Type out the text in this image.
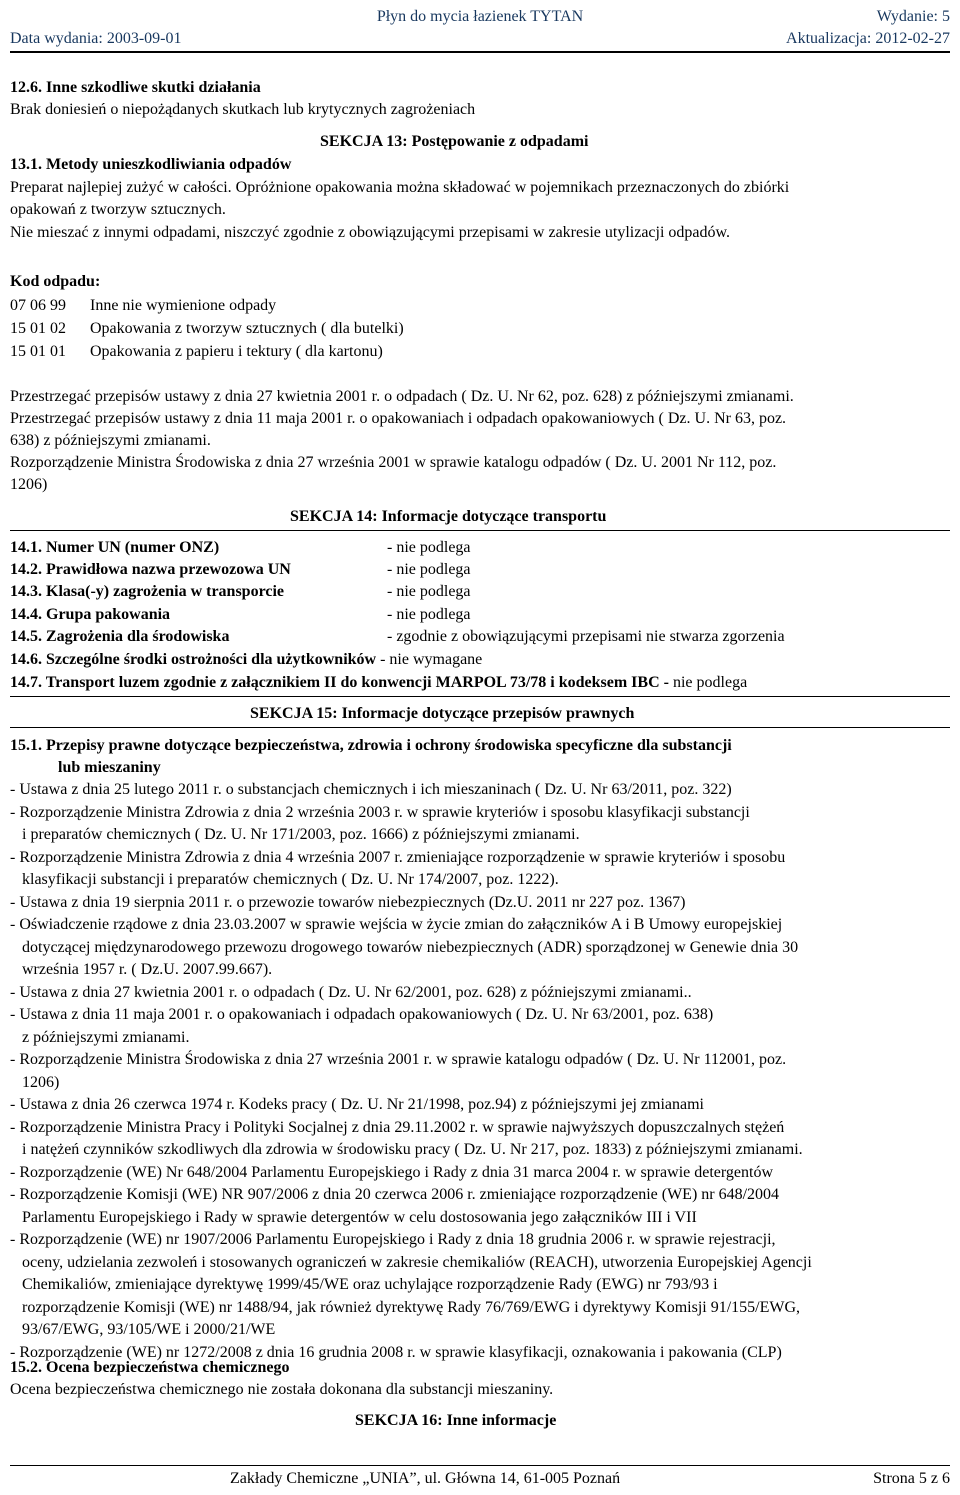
Płyn do mycia łazienek TYTAN	Wydanie: 5
Data wydania: 2003-09-01	Aktualizacja: 2012-02-27
12.6. Inne szkodliwe skutki działania
Brak doniesień o niepożądanych skutkach lub krytycznych zagrożeniach
SEKCJA 13: Postępowanie z odpadami
13.1. Metody unieszkodliwiania odpadów
Preparat najlepiej zużyć w całości. Opróżnione opakowania można składować w pojemnikach przeznaczonych do zbiórki
opakowań z tworzyw sztucznych.
Nie mieszać z innymi odpadami, niszczyć zgodnie z obowiązującymi przepisami w zakresie utylizacji odpadów.
Kod odpadu:
07 06 99 Inne nie wymienione odpady
15 01 02 Opakowania z tworzyw sztucznych ( dla butelki)
15 01 01 Opakowania z papieru i tektury ( dla kartonu)
Przestrzegać przepisów ustawy z dnia 27 kwietnia 2001 r. o odpadach ( Dz. U. Nr 62, poz. 628) z późniejszymi zmianami.
Przestrzegać przepisów ustawy z dnia 11 maja 2001 r. o opakowaniach i odpadach opakowaniowych ( Dz. U. Nr 63, poz.
638) z późniejszymi zmianami.
Rozporządzenie Ministra Środowiska z dnia 27 września 2001 w sprawie katalogu odpadów ( Dz. U. 2001 Nr 112, poz.
1206)
SEKCJA 14: Informacje dotyczące transportu
14.1. Numer UN (numer ONZ)	- nie podlega
14.2. Prawidłowa nazwa przewozowa UN	- nie podlega
14.3. Klasa(-y) zagrożenia w transporcie	- nie podlega
14.4. Grupa pakowania	- nie podlega
14.5. Zagrożenia dla środowiska	- zgodnie z obowiązującymi przepisami nie stwarza zgorzenia
14.6. Szczególne środki ostrożności dla użytkowników - nie wymagane
14.7. Transport luzem zgodnie z załącznikiem II do konwencji MARPOL 73/78 i kodeksem IBC - nie podlega
SEKCJA 15: Informacje dotyczące przepisów prawnych
15.1. Przepisy prawne dotyczące bezpieczeństwa, zdrowia i ochrony środowiska specyficzne dla substancji
lub mieszaniny
- Ustawa z dnia 25 lutego 2011 r. o substancjach chemicznych i ich mieszaninach ( Dz. U. Nr 63/2011, poz. 322)
- Rozporządzenie Ministra Zdrowia z dnia 2 września 2003 r. w sprawie kryteriów i sposobu klasyfikacji substancji
i preparatów chemicznych ( Dz. U. Nr 171/2003, poz. 1666) z późniejszymi zmianami.
- Rozporządzenie Ministra Zdrowia z dnia 4 września 2007 r. zmieniające rozporządzenie w sprawie kryteriów i sposobu
klasyfikacji substancji i preparatów chemicznych ( Dz. U. Nr 174/2007, poz. 1222).
- Ustawa z dnia 19 sierpnia 2011 r. o przewozie towarów niebezpiecznych (Dz.U. 2011 nr 227 poz. 1367)
- Oświadczenie rządowe z dnia 23.03.2007 w sprawie wejścia w życie zmian do załączników A i B Umowy europejskiej
dotyczącej międzynarodowego przewozu drogowego towarów niebezpiecznych (ADR) sporządzonej w Genewie dnia 30
września 1957 r. ( Dz.U. 2007.99.667).
- Ustawa z dnia 27 kwietnia 2001 r. o odpadach ( Dz. U. Nr 62/2001, poz. 628) z późniejszymi zmianami..
- Ustawa z dnia 11 maja 2001 r. o opakowaniach i odpadach opakowaniowych ( Dz. U. Nr 63/2001, poz. 638)
z późniejszymi zmianami.
- Rozporządzenie Ministra Środowiska z dnia 27 września 2001 r. w sprawie katalogu odpadów ( Dz. U. Nr 112001, poz.
1206)
- Ustawa z dnia 26 czerwca 1974 r. Kodeks pracy ( Dz. U. Nr 21/1998, poz.94) z późniejszymi jej zmianami
- Rozporządzenie Ministra Pracy i Polityki Socjalnej z dnia 29.11.2002 r. w sprawie najwyższych dopuszczalnych stężeń
i natężeń czynników szkodliwych dla zdrowia w środowisku pracy ( Dz. U. Nr 217, poz. 1833) z późniejszymi zmianami.
- Rozporządzenie (WE) Nr 648/2004 Parlamentu Europejskiego i Rady z dnia 31 marca 2004 r. w sprawie detergentów
- Rozporządzenie Komisji (WE) NR 907/2006 z dnia 20 czerwca 2006 r. zmieniające rozporządzenie (WE) nr 648/2004
Parlamentu Europejskiego i Rady w sprawie detergentów w celu dostosowania jego załączników III i VII
- Rozporządzenie (WE) nr 1907/2006 Parlamentu Europejskiego i Rady z dnia 18 grudnia 2006 r. w sprawie rejestracji,
oceny, udzielania zezwoleń i stosowanych ograniczeń w zakresie chemikaliów (REACH), utworzenia Europejskiej Agencji
Chemikaliów, zmieniające dyrektywę 1999/45/WE oraz uchylające rozporządzenie Rady (EWG) nr 793/93 i
rozporządzenie Komisji (WE) nr 1488/94, jak również dyrektywę Rady 76/769/EWG i dyrektywy Komisji 91/155/EWG,
93/67/EWG, 93/105/WE i 2000/21/WE
- Rozporządzenie (WE) nr 1272/2008 z dnia 16 grudnia 2008 r. w sprawie klasyfikacji, oznakowania i pakowania (CLP)
15.2. Ocena bezpieczeństwa chemicznego
Ocena bezpieczeństwa chemicznego nie została dokonana dla substancji mieszaniny.
SEKCJA 16: Inne informacje
Zakłady Chemiczne „UNIA”, ul. Główna 14, 61-005 Poznań	Strona 5 z 6
